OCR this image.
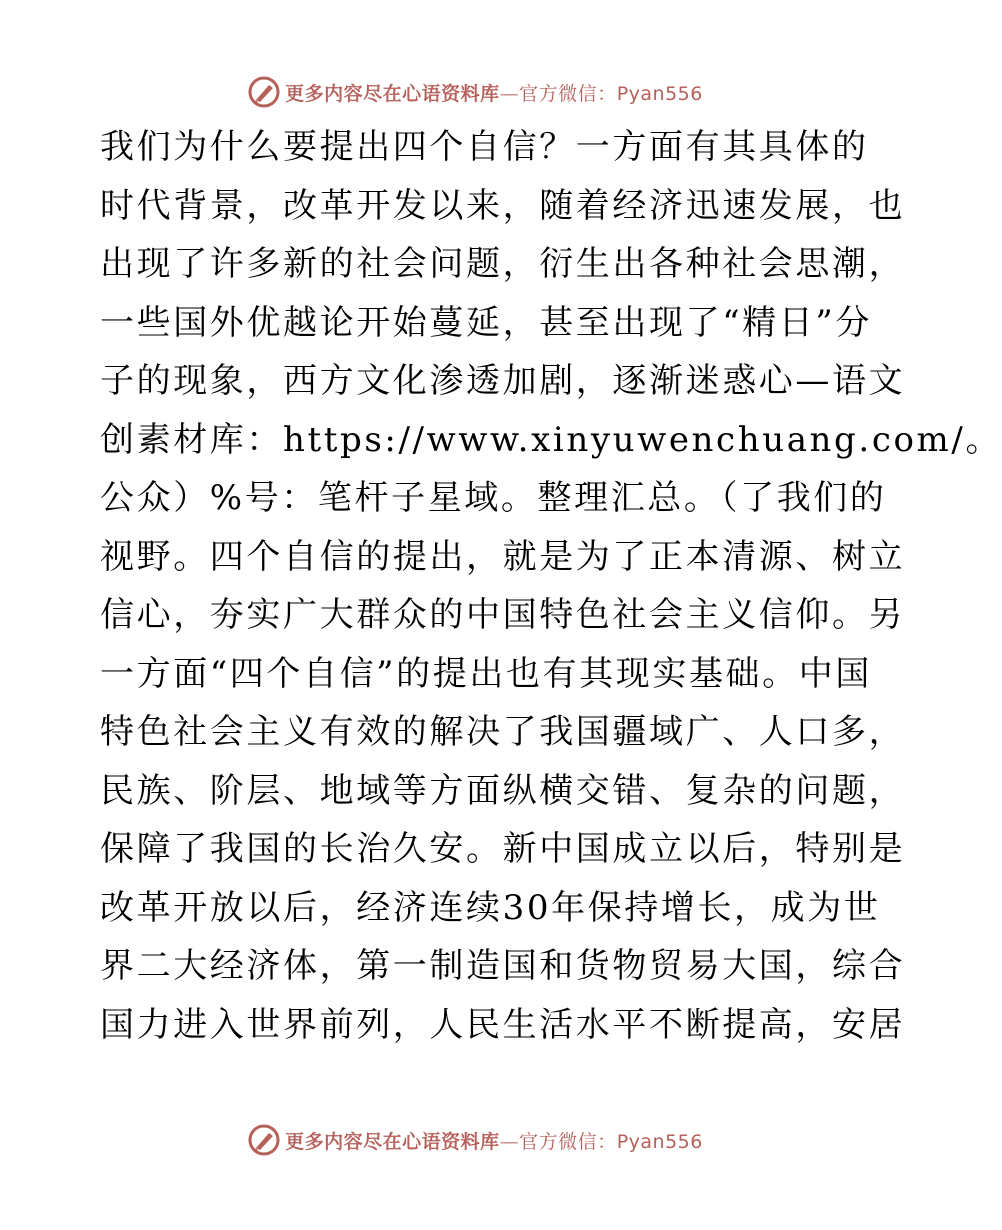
更多内容尽在心语资料库—官方微信：Pyan556
我们为什么要提出四个自信？一方面有其具体的
时代背景，改革开发以来，随着经济迅速发展，也
出现了许多新的社会问题，衍生出各种社会思潮，
一些国外优越论开始蔓延，甚至出现了“精日”分
子的现象，西方文化渗透加剧，逐渐迷惑心—语文
创素材库：https://www.xinyuwenchuang.com/。
公众）%号：笔杆子星域。整理汇总。（了我们的
视野。四个自信的提出，就是为了正本清源、树立
信心，夯实广大群众的中国特色社会主义信仰。另
一方面“四个自信”的提出也有其现实基础。中国
特色社会主义有效的解决了我国疆域广、人口多，
民族、阶层、地域等方面纵横交错、复杂的问题，
保障了我国的长治久安。新中国成立以后，特别是
改革开放以后，经济连续30年保持增长，成为世
界二大经济体，第一制造国和货物贸易大国，综合
国力进入世界前列，人民生活水平不断提高，安居
更多内容尽在心语资料库—官方微信：Pyan556
